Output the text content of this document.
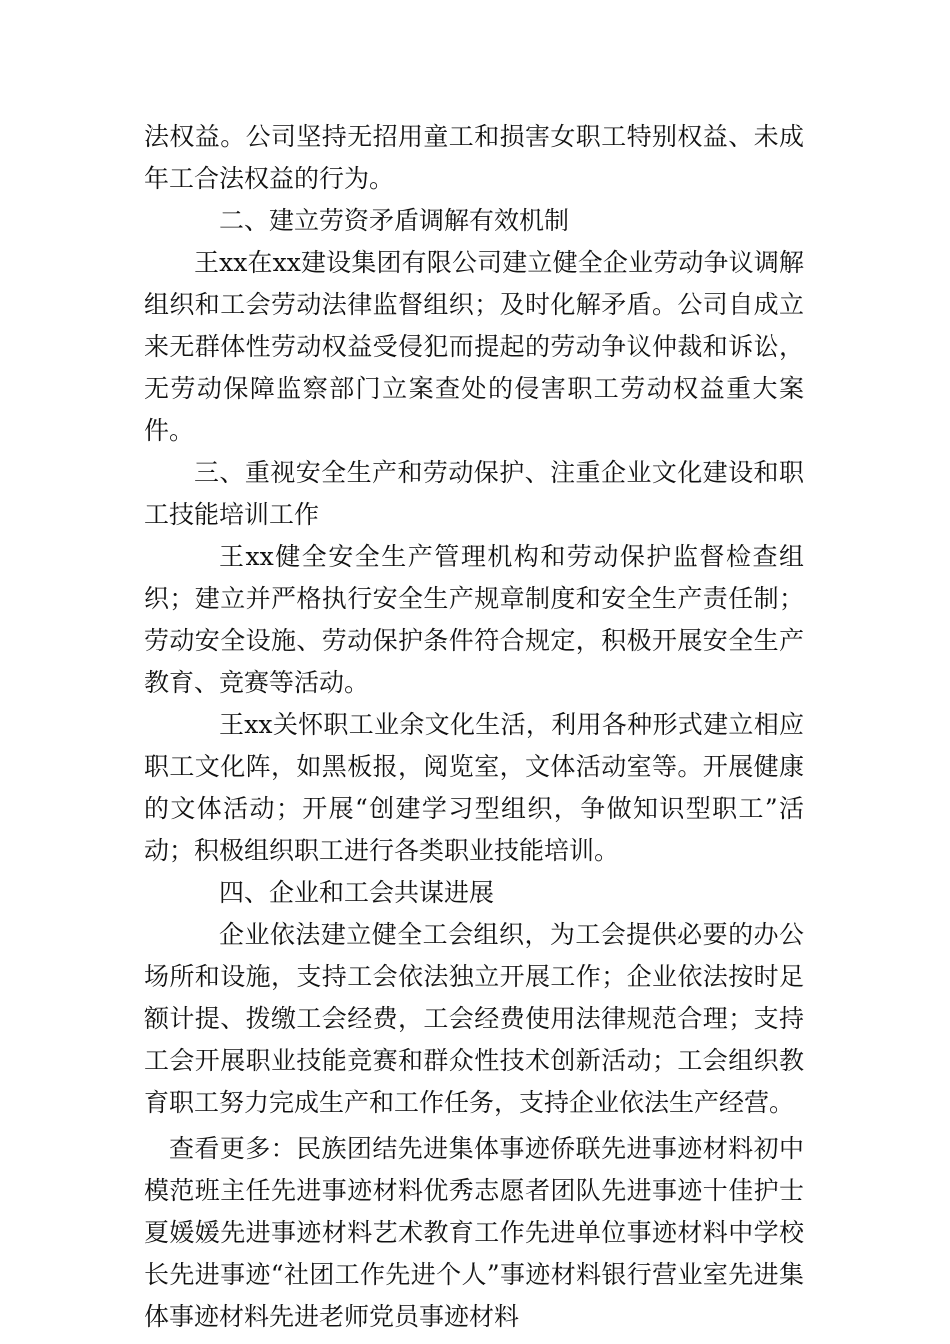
法权益。公司坚持无招用童工和损害女职工特别权益、未成年工合法权益的行为。

二、建立劳资矛盾调解有效机制

王xx在xx建设集团有限公司建立健全企业劳动争议调解组织和工会劳动法律监督组织；及时化解矛盾。公司自成立来无群体性劳动权益受侵犯而提起的劳动争议仲裁和诉讼，无劳动保障监察部门立案查处的侵害职工劳动权益重大案件。

三、重视安全生产和劳动保护、注重企业文化建设和职工技能培训工作

王xx健全安全生产管理机构和劳动保护监督检查组织；建立并严格执行安全生产规章制度和安全生产责任制；劳动安全设施、劳动保护条件符合规定，积极开展安全生产教育、竞赛等活动。

王xx关怀职工业余文化生活，利用各种形式建立相应职工文化阵，如黑板报，阅览室，文体活动室等。开展健康的文体活动；开展“创建学习型组织，争做知识型职工”活动；积极组织职工进行各类职业技能培训。

四、企业和工会共谋进展

企业依法建立健全工会组织，为工会提供必要的办公场所和设施，支持工会依法独立开展工作；企业依法按时足额计提、拨缴工会经费，工会经费使用法律规范合理；支持工会开展职业技能竞赛和群众性技术创新活动；工会组织教育职工努力完成生产和工作任务，支持企业依法生产经营。

查看更多：民族团结先进集体事迹侨联先进事迹材料初中模范班主任先进事迹材料优秀志愿者团队先进事迹十佳护士夏媛媛先进事迹材料艺术教育工作先进单位事迹材料中学校长先进事迹“社团工作先进个人”事迹材料银行营业室先进集体事迹材料先进老师党员事迹材料
